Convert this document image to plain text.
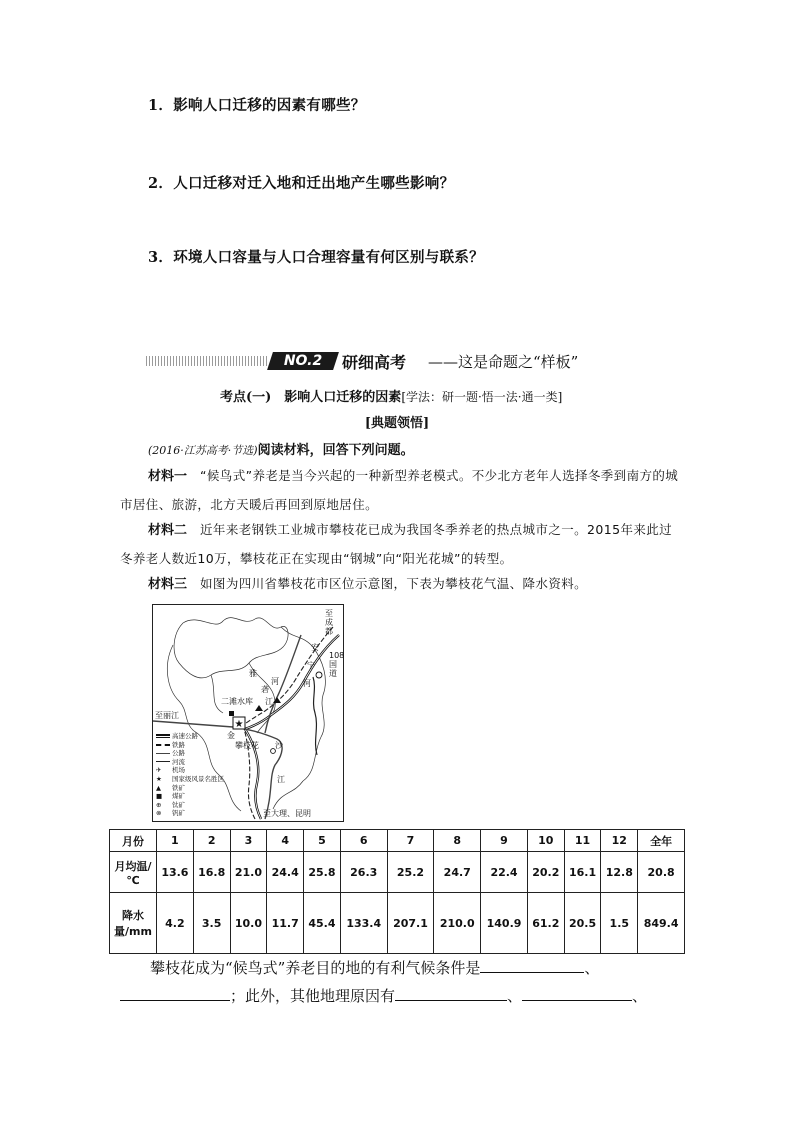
1．影响人口迁移的因素有哪些？
2．人口迁移对迁入地和迁出地产生哪些影响？
3．环境人口容量与人口合理容量有何区别与联系？
NO.2	研细高考 ——这是命题之“样板”
考点(一)　影响人口迁移的因素[学法：研一题·悟一法·通一类]
[典题领悟]
(2016·江苏高考·节选)阅读材料，回答下列问题。
材料一　 “候鸟式”养老是当今兴起的一种新型养老模式。不少北方老年人选择冬季到南方的城市居住、旅游，北方天暖后再回到原地居住。
材料二　 近年来老钢铁工业城市攀枝花已成为我国冬季养老的热点城市之一。2015年来此过冬养老人数近10万，攀枝花正在实现由“钢城”向“阳光花城”的转型。
材料三　 如图为四川省攀枝花市区位示意图，下表为攀枝花气温、降水资料。
★
至成都
安
宁
河
108国道
雅
砻
河
二滩水库 江
至丽江
金
沙
江
攀枝花
至大理、昆明
高速公路
铁路
公路
河流
✈ 机场
★ 国家级风景名胜区
▲ 铁矿
■ 煤矿
⊕ 钛矿
⊗ 钒矿
月份	1	2	3	4	5	6	7	8	9	10	11	12	全年
月均温/℃	13.6	16.8	21.0	24.4	25.8	26.3	25.2	24.7	22.4	20.2	16.1	12.8	20.8
降水量/mm	4.2	3.5	10.0	11.7	45.4	133.4	207.1	210.0	140.9	61.2	20.5	1.5	849.4
攀枝花成为“候鸟式”养老目的地的有利气候条件是	、
；此外，其他地理原因有	、	、
